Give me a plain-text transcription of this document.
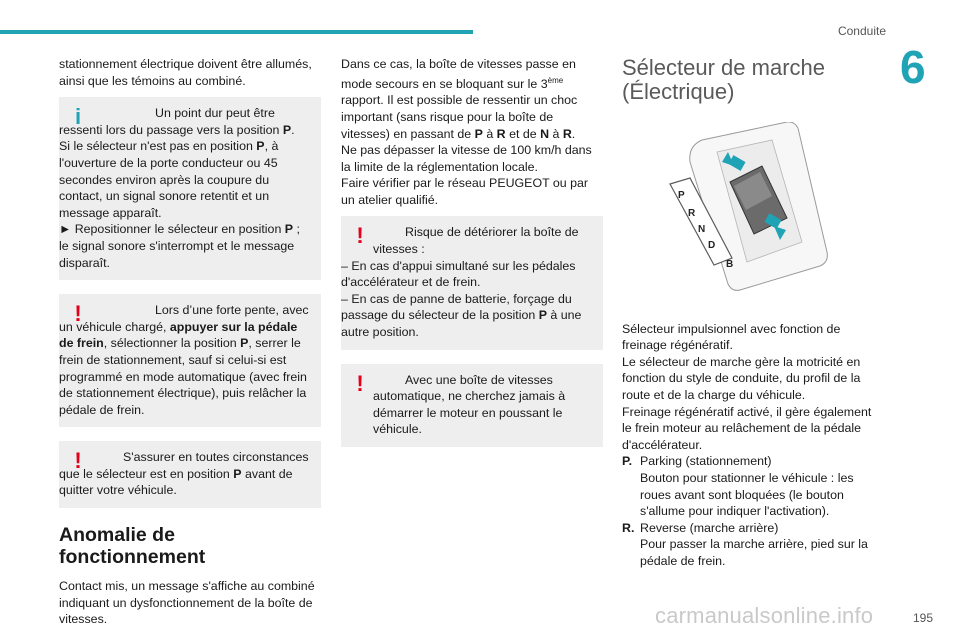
Conduite
6
195
carmanualsonline.info

stationnement électrique doivent être allumés, ainsi que les témoins au combiné.

i	Un point dur peut être ressenti lors du passage vers la position P.

Si le sélecteur n'est pas en position P, à l'ouverture de la porte conducteur ou 45 secondes environ après la coupure du contact, un signal sonore retentit et un message apparaît.

► Repositionner le sélecteur en position P ; le signal sonore s'interrompt et le message disparaît.

!	Lors d’une forte pente, avec un véhicule chargé, appuyer sur la pédale de frein, sélectionner la position P, serrer le frein de stationnement, sauf si celui-si est programmé en mode automatique (avec frein de stationnement électrique), puis relâcher la pédale de frein.

!	S'assurer en toutes circonstances que le sélecteur est en position P avant de quitter votre véhicule.

Anomalie de fonctionnement

Contact mis, un message s'affiche au combiné indiquant un dysfonctionnement de la boîte de vitesses.

Dans ce cas, la boîte de vitesses passe en mode secours en se bloquant sur le 3ème rapport. Il est possible de ressentir un choc important (sans risque pour la boîte de vitesses) en passant de P à R et de N à R.

Ne pas dépasser la vitesse de 100 km/h dans la limite de la réglementation locale.

Faire vérifier par le réseau PEUGEOT ou par un atelier qualifié.

!	Risque de détériorer la boîte de vitesses :

– En cas d'appui simultané sur les pédales d'accélérateur et de frein.

– En cas de panne de batterie, forçage du passage du sélecteur de la position P à une autre position.

!	Avec une boîte de vitesses automatique, ne cherchez jamais à démarrer le moteur en poussant le véhicule.

Sélecteur de marche (Électrique)
P
R
N
D
B

Sélecteur impulsionnel avec fonction de freinage régénératif.

Le sélecteur de marche gère la motricité en fonction du style de conduite, du profil de la route et de la charge du véhicule.

Freinage régénératif activé, il gère également le frein moteur au relâchement de la pédale d'accélérateur.

P. Parking (stationnement)
Bouton pour stationner le véhicule : les roues avant sont bloquées (le bouton s'allume pour indiquer l'activation).
R. Reverse (marche arrière)
Pour passer la marche arrière, pied sur la pédale de frein.
